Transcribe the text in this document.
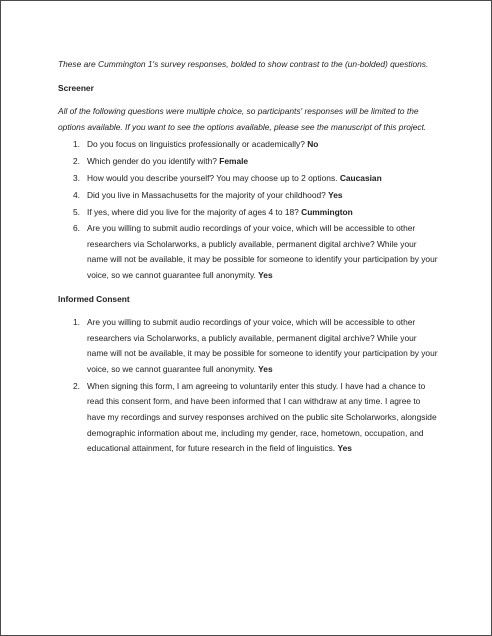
These are Cummington 1's survey responses, bolded to show contrast to the (un-bolded) questions.

Screener

All of the following questions were multiple choice, so participants' responses will be limited to the options available. If you want to see the options available, please see the manuscript of this project.

1. Do you focus on linguistics professionally or academically? No
2. Which gender do you identify with? Female
3. How would you describe yourself? You may choose up to 2 options. Caucasian
4. Did you live in Massachusetts for the majority of your childhood? Yes
5. If yes, where did you live for the majority of ages 4 to 18? Cummington
6. Are you willing to submit audio recordings of your voice, which will be accessible to other researchers via Scholarworks, a publicly available, permanent digital archive? While your name will not be available, it may be possible for someone to identify your participation by your voice, so we cannot guarantee full anonymity. Yes
Informed Consent
1. Are you willing to submit audio recordings of your voice, which will be accessible to other researchers via Scholarworks, a publicly available, permanent digital archive? While your name will not be available, it may be possible for someone to identify your participation by your voice, so we cannot guarantee full anonymity. Yes
2. When signing this form, I am agreeing to voluntarily enter this study. I have had a chance to read this consent form, and have been informed that I can withdraw at any time. I agree to have my recordings and survey responses archived on the public site Scholarworks, alongside demographic information about me, including my gender, race, hometown, occupation, and educational attainment, for future research in the field of linguistics. Yes
